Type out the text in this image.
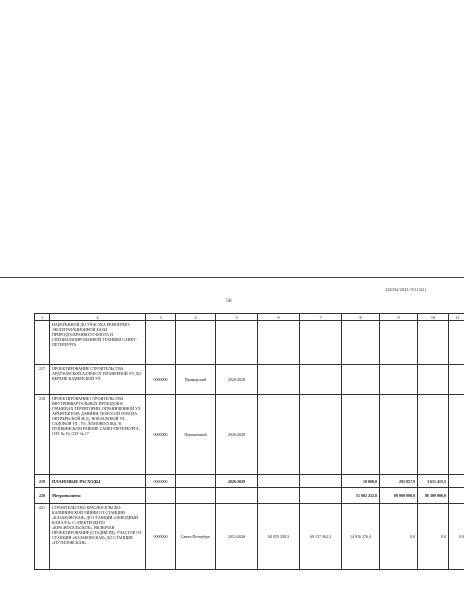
226332/2023-15113(2)
56
1	2	3	4	5	6	7	8	9	10	11
	НАБЕРЕЖНОЙ ДО УЧАСТКА РЕМОНТНО-ЭКСПЛУАТАЦИОННОЙ БАЗЫ ПРИРОДООХРАННОГО ФЛОТА И СПЕЦИАЛИЗИРОВАННОЙ ТЕХНИКИ САНКТ-ПЕТЕРБУРГА									
217	ПРОЕКТИРОВАНИЕ СТРОИТЕЛЬСТВА АРДУЗОВСКОЙ АЛЛЕИ ОТ ПЛАНЕРНОЙ УЛ. ДО ВЕРХНЕ-КАМЕНСКОЙ УЛ.	0000000	Приморский	2026-2028						
218	ПРОЕКТИРОВАНИЕ СТРОИТЕЛЬСТВА ВНУТРИКВАРТАЛЬНЫХ ПРОЕЗДОВ В ГРАНИЦАХ ТЕРРИТОРИИ, ОГРАНИЧЕННОЙ УЛ. АРХИТЕКТОРА ДАНИНИ, ПОЛОСОЙ ОТВОДА ОКТЯБРЬСКОЙ Ж.Д., ВОКЗАЛЬНОЙ УЛ., САДОВОЙ УЛ., УЛ. ЛОМОНОСОВА, В ПУШКИНСКОМ РАЙОНЕ САНКТ-ПЕТЕРБУРГА; ОЗУ № 16, ОЗУ № 17	0000000	Пушкинский	2026-2028						
219	ПЛАНОВЫЕ РАСХОДЫ	0000000		2026-2029			10 000,0	292 857,9	3 631 415,5	
220	Метрополитен						51 002 252,0	80 000 000,0	86 300 000,0	
221	СТРОИТЕЛЬСТВО КРАСНОСЕЛЬСКО-КАЛИНИНСКОЙ ЛИНИИ ОТ СТАНЦИИ «КАЗАКОВСКАЯ» ДО СТАНЦИИ «ОБВОДНЫЙ КАНАЛ-2» С ЭЛЕКТРОДЕПО «КРАСНОСЕЛЬСКОЕ», ВКЛЮЧАЯ ПРОЕКТИРОВАНИЕ (СТАДИЯ РД). УЧАСТОК ОТ СТАНЦИИ «КАЗАКОВСКАЯ» ДО СТАНЦИИ «ПУТИЛОВСКАЯ»	0000000	Санкт-Петербург	2012-2026	84 055 358,3	69 137 362,3	14 916 276,4	0,0	0,0	0,0
